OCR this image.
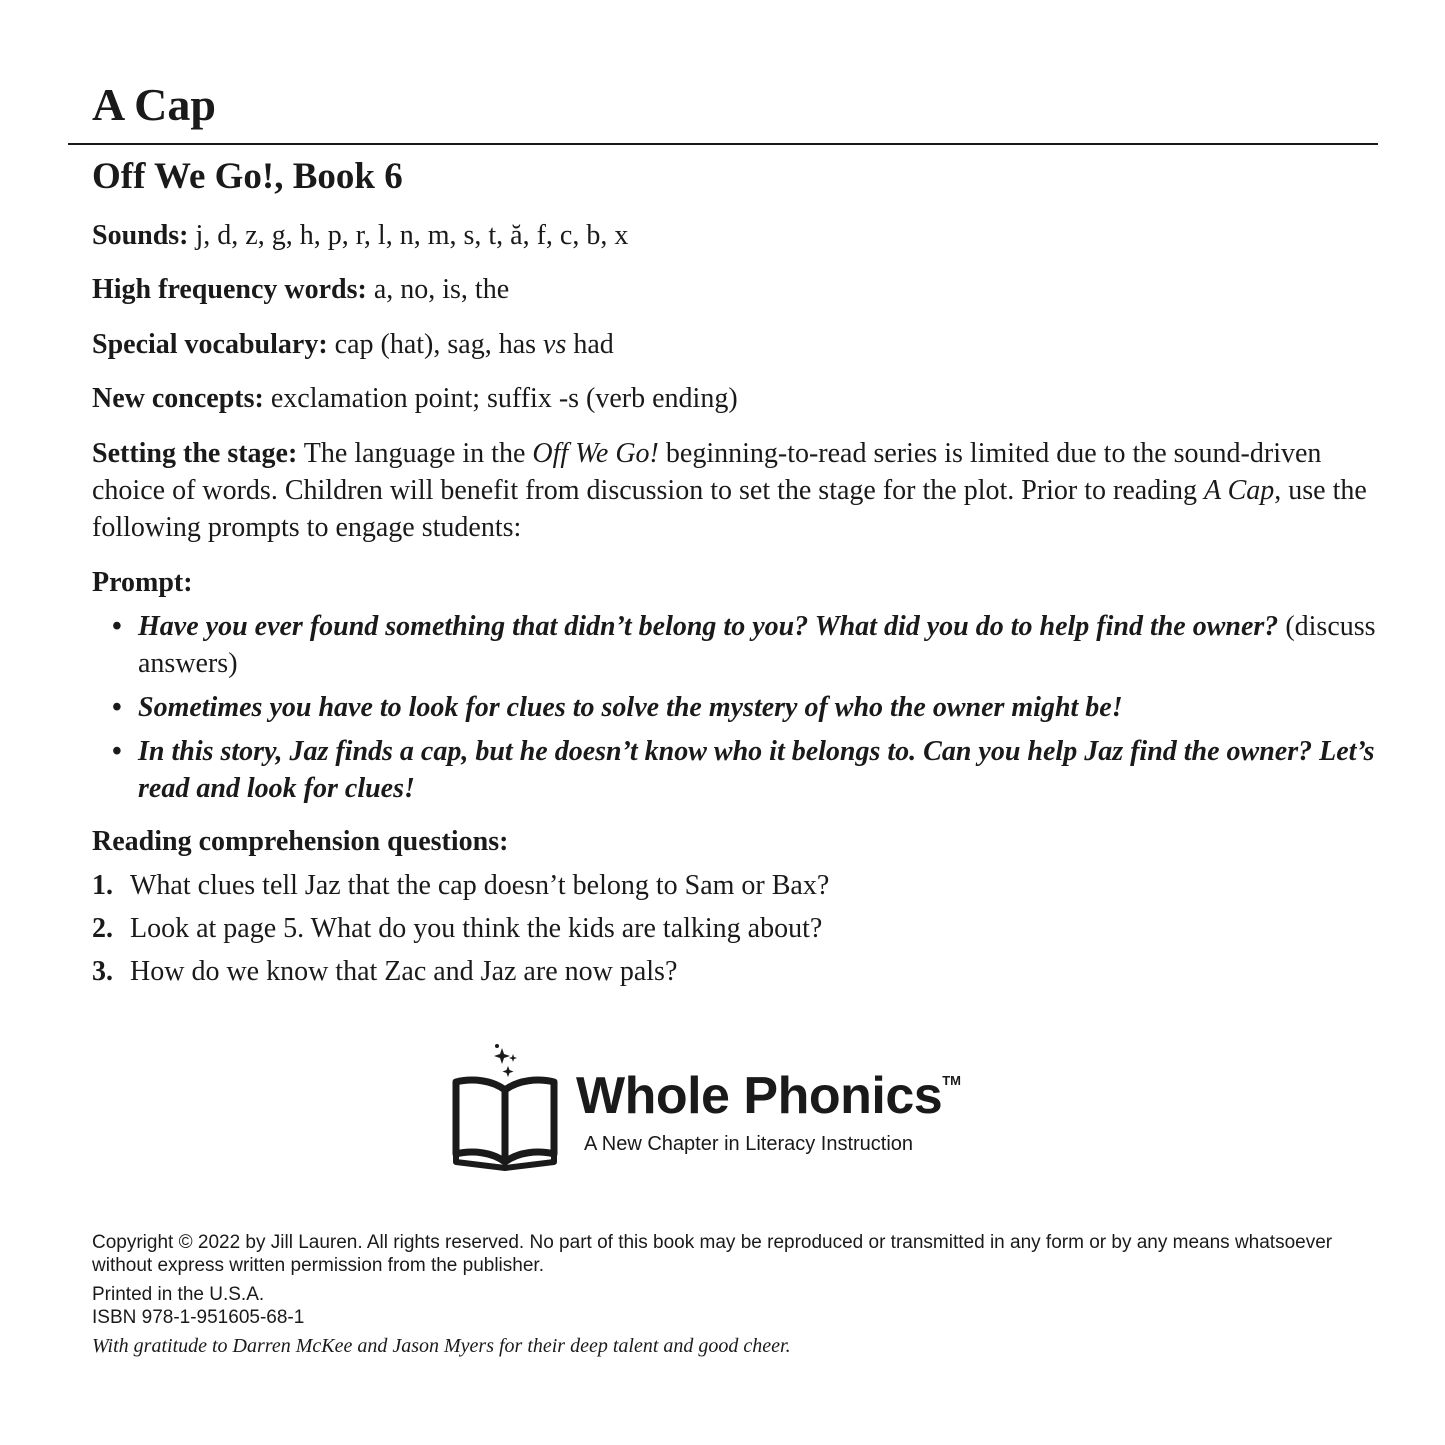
A Cap
Off We Go!, Book 6

Sounds: j, d, z, g, h, p, r, l, n, m, s, t, ă, f, c, b, x

High frequency words: a, no, is, the

Special vocabulary: cap (hat), sag, has vs had

New concepts: exclamation point; suffix -s (verb ending)

Setting the stage: The language in the Off We Go! beginning-to-read series is limited due to the sound-driven choice of words. Children will benefit from discussion to set the stage for the plot. Prior to reading A Cap, use the following prompts to engage students:

Prompt:

• Have you ever found something that didn’t belong to you? What did you do to help find the owner? (discuss answers)
• Sometimes you have to look for clues to solve the mystery of who the owner might be!
• In this story, Jaz finds a cap, but he doesn’t know who it belongs to. Can you help Jaz find the owner? Let’s read and look for clues!

Reading comprehension questions:

1. What clues tell Jaz that the cap doesn’t belong to Sam or Bax?
2. Look at page 5. What do you think the kids are talking about?
3. How do we know that Zac and Jaz are now pals?
Whole Phonics™
A New Chapter in Literacy Instruction

Copyright © 2022 by Jill Lauren. All rights reserved. No part of this book may be reproduced or transmitted in any form or by any means whatsoever without express written permission from the publisher.

Printed in the U.S.A.

ISBN 978-1-951605-68-1

With gratitude to Darren McKee and Jason Myers for their deep talent and good cheer.
